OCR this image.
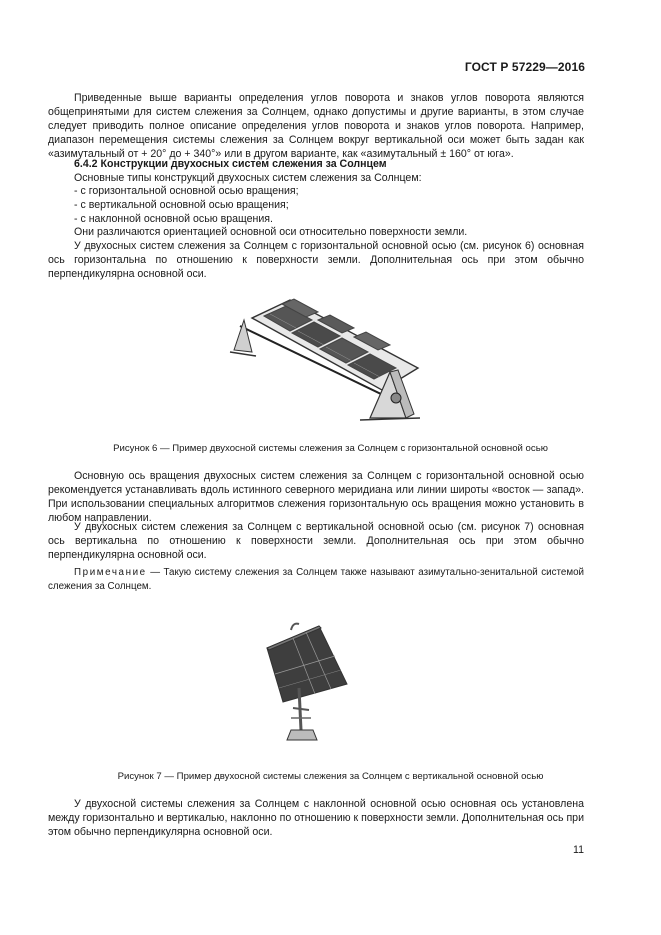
ГОСТ Р 57229—2016

Приведенные выше варианты определения углов поворота и знаков углов поворота являются общепринятыми для систем слежения за Солнцем, однако допустимы и другие варианты, в этом случае следует приводить полное описание определения углов поворота и знаков углов поворота. Например, диапазон перемещения системы слежения за Солнцем вокруг вертикальной оси может быть задан как «азимутальный от + 20° до + 340°» или в другом варианте, как «азимутальный ± 160° от юга».

6.4.2 Конструкции двухосных систем слежения за Солнцем

Основные типы конструкций двухосных систем слежения за Солнцем:

- с горизонтальной основной осью вращения;
- с вертикальной основной осью вращения;
- с наклонной основной осью вращения.

Они различаются ориентацией основной оси относительно поверхности земли.

У двухосных систем слежения за Солнцем с горизонтальной основной осью (см. рисунок 6) основная ось горизонтальна по отношению к поверхности земли. Дополнительная ось при этом обычно перпендикулярна основной оси.

Рисунок 6 — Пример двухосной системы слежения за Солнцем с горизонтальной основной осью

Основную ось вращения двухосных систем слежения за Солнцем с горизонтальной основной осью рекомендуется устанавливать вдоль истинного северного меридиана или линии широты «восток — запад». При использовании специальных алгоритмов слежения горизонтальную ось вращения можно установить в любом направлении.

У двухосных систем слежения за Солнцем с вертикальной основной осью (см. рисунок 7) основная ось вертикальна по отношению к поверхности земли. Дополнительная ось при этом обычно перпендикулярна основной оси.

Примечание — Такую систему слежения за Солнцем также называют азимутально-зенитальной системой слежения за Солнцем.

Рисунок 7 — Пример двухосной системы слежения за Солнцем с вертикальной основной осью

У двухосной системы слежения за Солнцем с наклонной основной осью основная ось установлена между горизонтально и вертикалью, наклонно по отношению к поверхности земли. Дополнительная ось при этом обычно перпендикулярна основной оси.

11
